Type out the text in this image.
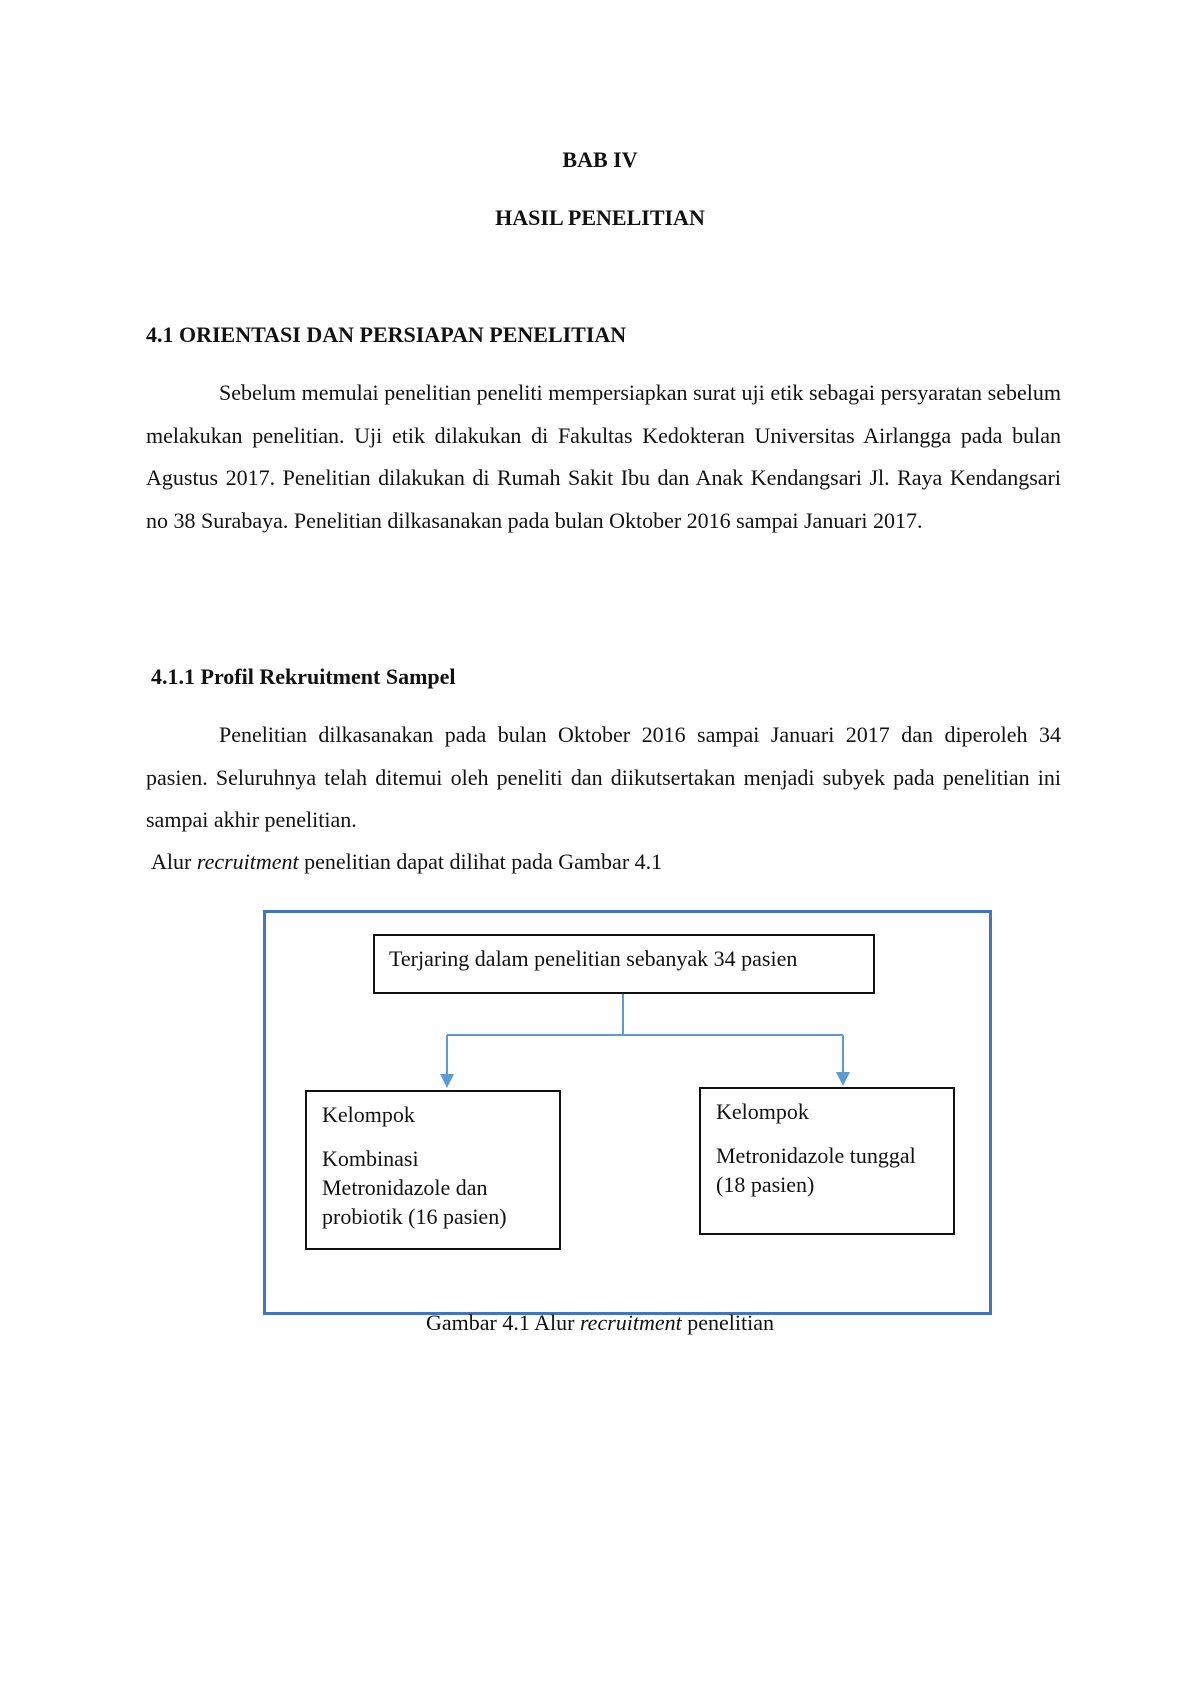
BAB IV
HASIL PENELITIAN
4.1 ORIENTASI DAN PERSIAPAN PENELITIAN
Sebelum memulai penelitian peneliti mempersiapkan surat uji etik sebagai persyaratan sebelum melakukan penelitian. Uji etik dilakukan di Fakultas Kedokteran Universitas Airlangga pada bulan Agustus 2017. Penelitian dilakukan di Rumah Sakit Ibu dan Anak Kendangsari Jl. Raya Kendangsari no 38 Surabaya. Penelitian dilkasanakan pada bulan Oktober 2016 sampai Januari 2017.
4.1.1 Profil Rekruitment Sampel
Penelitian dilkasanakan pada bulan Oktober 2016 sampai Januari 2017 dan diperoleh 34 pasien. Seluruhnya telah ditemui oleh peneliti dan diikutsertakan menjadi subyek pada penelitian ini sampai akhir penelitian.
Alur recruitment penelitian dapat dilihat pada Gambar 4.1
Terjaring dalam penelitian sebanyak 34 pasien
Kelompok
Kombinasi
Metronidazole dan
probiotik (16 pasien)
Kelompok
Metronidazole tunggal
(18 pasien)
Gambar 4.1 Alur recruitment penelitian
